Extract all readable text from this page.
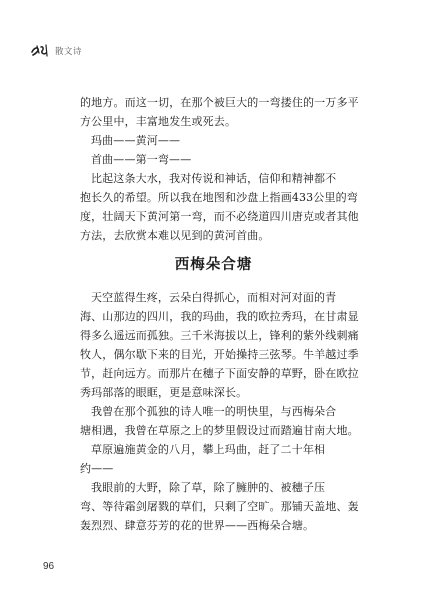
散文诗
的地方。而这一切，在那个被巨大的一弯搂住的一万多平
方公里中，丰富地发生或死去。
玛曲——黄河——
首曲——第一弯——
比起这条大水，我对传说和神话，信仰和精神都不
抱长久的希望。所以我在地图和沙盘上指画433公里的弯
度，壮阔天下黄河第一弯，而不必绕道四川唐克或者其他
方法，去欣赏本难以见到的黄河首曲。
西梅朵合塘
天空蓝得生疼，云朵白得抓心，而相对河对面的青
海、山那边的四川，我的玛曲，我的欧拉秀玛，在甘肃显
得多么遥远而孤独。三千米海拔以上，锋利的紫外线刺痛
牧人，偶尔歇下来的目光，开始操持三弦琴。牛羊越过季
节，赶向远方。而那片在穗子下面安静的草野，卧在欧拉
秀玛部落的眼眶，更是意味深长。
我曾在那个孤独的诗人唯一的明快里，与西梅朵合
塘相遇，我曾在草原之上的梦里假设过而踏遍甘南大地。
草原遍施黄金的八月，攀上玛曲，赶了二十年相
约——
我眼前的大野，除了草，除了臃肿的、被穗子压
弯、等待霜剑屠戮的草们，只剩了空旷。那铺天盖地、轰
轰烈烈、肆意芬芳的花的世界——西梅朵合塘。
96
